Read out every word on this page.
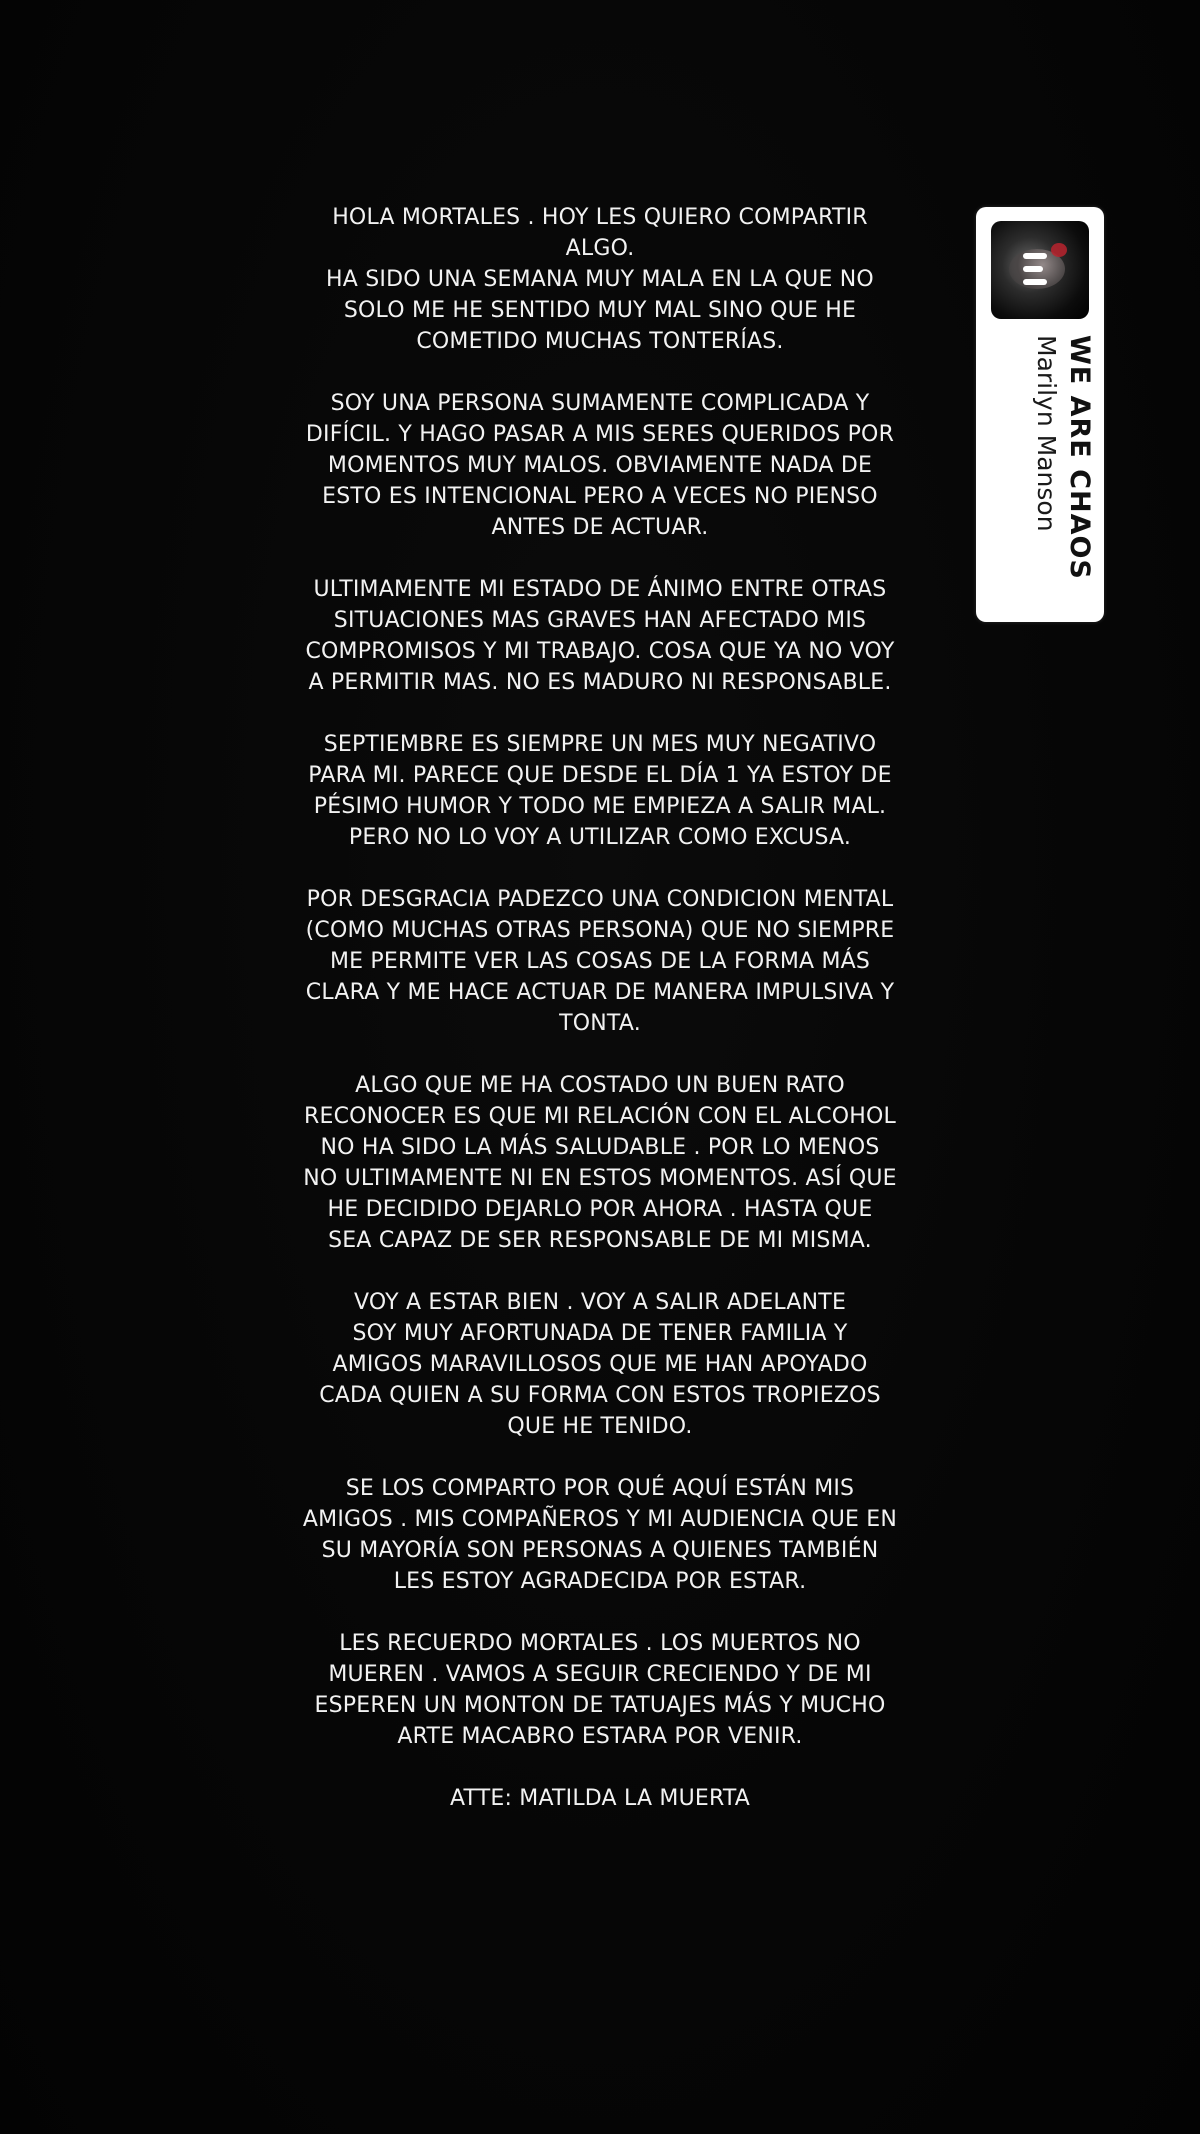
HOLA MORTALES . HOY LES QUIERO COMPARTIR
ALGO.
HA SIDO UNA SEMANA MUY MALA EN LA QUE NO
SOLO ME HE SENTIDO MUY MAL SINO QUE HE
COMETIDO MUCHAS TONTERÍAS.
SOY UNA PERSONA SUMAMENTE COMPLICADA Y
DIFÍCIL. Y HAGO PASAR A MIS SERES QUERIDOS POR
MOMENTOS MUY MALOS. OBVIAMENTE NADA DE
ESTO ES INTENCIONAL PERO A VECES NO PIENSO
ANTES DE ACTUAR.
ULTIMAMENTE MI ESTADO DE ÁNIMO ENTRE OTRAS
SITUACIONES MAS GRAVES HAN AFECTADO MIS
COMPROMISOS Y MI TRABAJO. COSA QUE YA NO VOY
A PERMITIR MAS. NO ES MADURO NI RESPONSABLE.
SEPTIEMBRE ES SIEMPRE UN MES MUY NEGATIVO
PARA MI. PARECE QUE DESDE EL DÍA 1 YA ESTOY DE
PÉSIMO HUMOR Y TODO ME EMPIEZA A SALIR MAL.
PERO NO LO VOY A UTILIZAR COMO EXCUSA.
POR DESGRACIA PADEZCO UNA CONDICION MENTAL
(COMO MUCHAS OTRAS PERSONA) QUE NO SIEMPRE
ME PERMITE VER LAS COSAS DE LA FORMA MÁS
CLARA Y ME HACE ACTUAR DE MANERA IMPULSIVA Y
TONTA.
ALGO QUE ME HA COSTADO UN BUEN RATO
RECONOCER ES QUE MI RELACIÓN CON EL ALCOHOL
NO HA SIDO LA MÁS SALUDABLE . POR LO MENOS
NO ULTIMAMENTE NI EN ESTOS MOMENTOS. ASÍ QUE
HE DECIDIDO DEJARLO POR AHORA . HASTA QUE
SEA CAPAZ DE SER RESPONSABLE DE MI MISMA.
VOY A ESTAR BIEN . VOY A SALIR ADELANTE
SOY MUY AFORTUNADA DE TENER FAMILIA Y
AMIGOS MARAVILLOSOS QUE ME HAN APOYADO
CADA QUIEN A SU FORMA CON ESTOS TROPIEZOS
QUE HE TENIDO.
SE LOS COMPARTO POR QUÉ AQUÍ ESTÁN MIS
AMIGOS . MIS COMPAÑEROS Y MI AUDIENCIA QUE EN
SU MAYORÍA SON PERSONAS A QUIENES TAMBIÉN
LES ESTOY AGRADECIDA POR ESTAR.
LES RECUERDO MORTALES . LOS MUERTOS NO
MUEREN . VAMOS A SEGUIR CRECIENDO Y DE MI
ESPEREN UN MONTON DE TATUAJES MÁS Y MUCHO
ARTE MACABRO ESTARA POR VENIR.
ATTE: MATILDA LA MUERTA
WE ARE CHAOS
Marilyn Manson
